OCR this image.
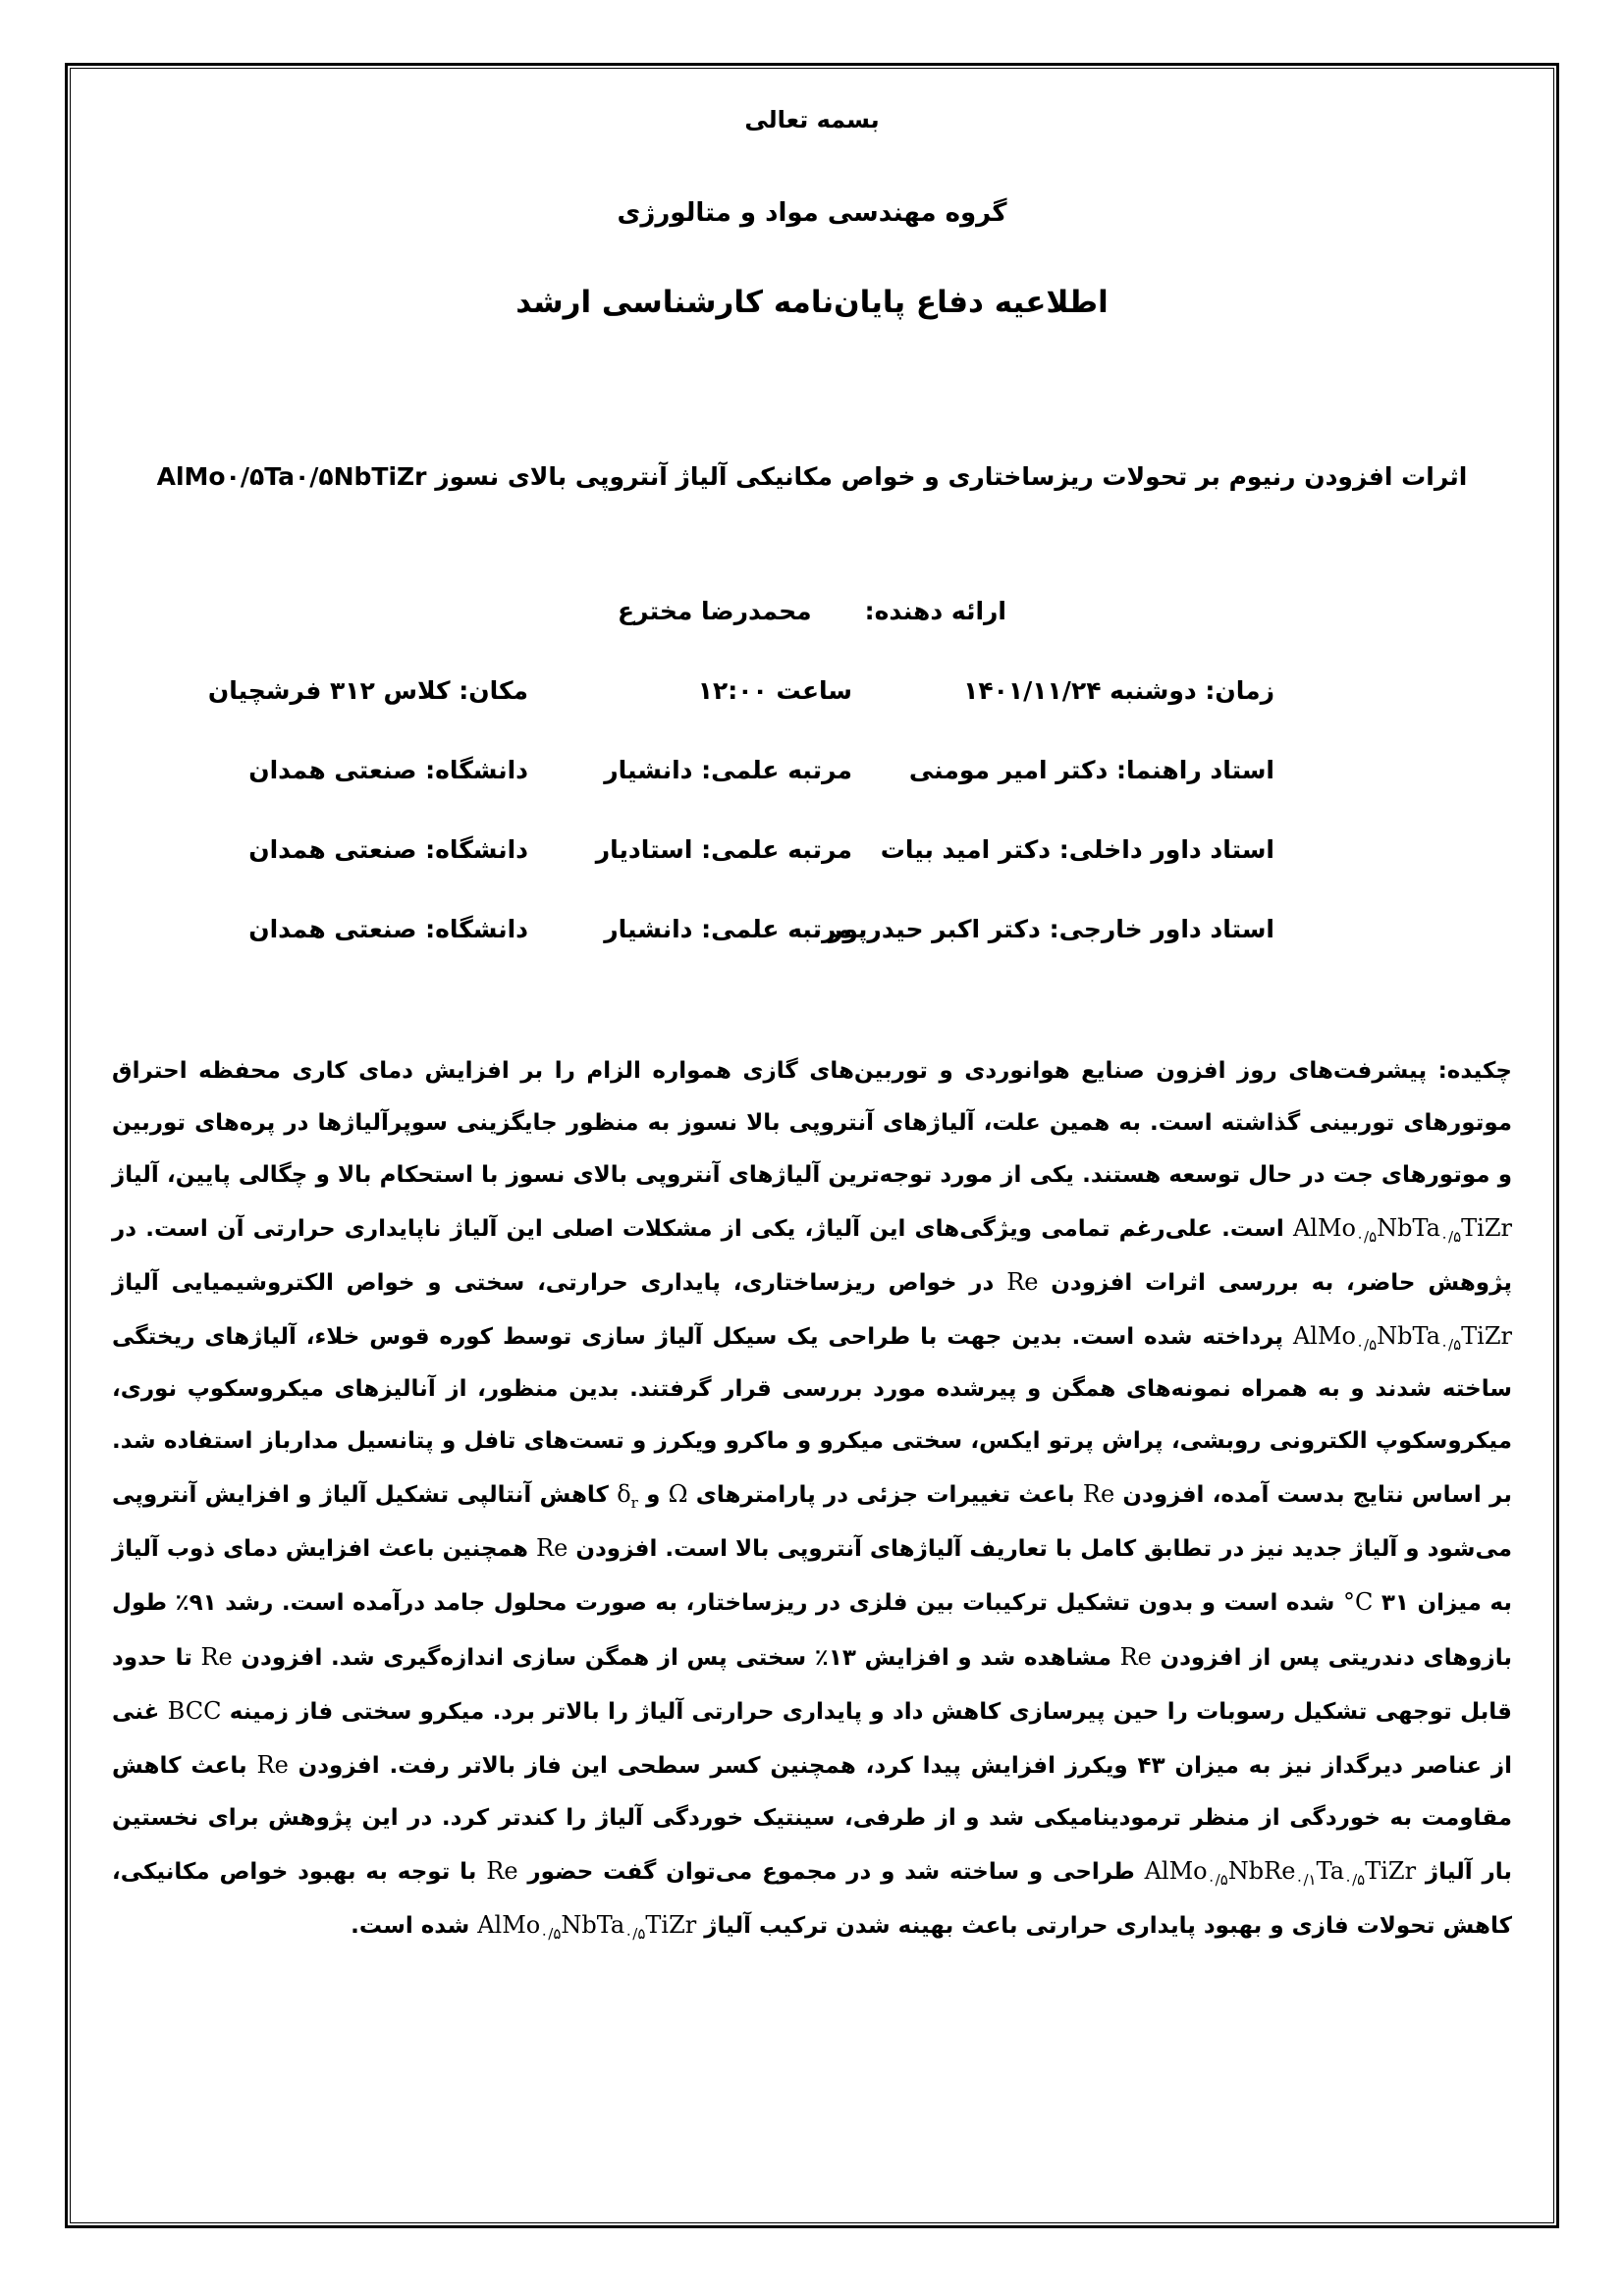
بسمه تعالی

گروه مهندسی مواد و متالورژی

اطلاعیه دفاع پایان‌نامه کارشناسی ارشد

اثرات افزودن رنیوم بر تحولات ریزساختاری و خواص مکانیکی آلیاژ آنتروپی بالای نسوز AlMo۰/۵Ta۰/۵NbTiZr

ارائه دهنده:محمدرضا مخترع

زمان: دوشنبه ۱۴۰۱/۱۱/۲۴
ساعت ۱۲:۰۰
مکان: کلاس ۳۱۲ فرشچیان
استاد راهنما: دکتر امیر مومنی
مرتبه علمی: دانشیار
دانشگاه: صنعتی همدان
استاد داور داخلی: دکتر امید بیات
مرتبه علمی: استادیار
دانشگاه: صنعتی همدان
استاد داور خارجی: دکتر اکبر حیدرپور
مرتبه علمی: دانشیار
دانشگاه: صنعتی همدان

چکیده: پیشرفت‌های روز افزون صنایع هوانوردی و توربین‌های گازی همواره الزام را بر افزایش دمای کاری محفظه احتراق موتورهای توربینی گذاشته است. به همین علت، آلیاژهای آنتروپی بالا نسوز به منظور جایگزینی سوپرآلیاژها در پره‌های توربین و موتورهای جت در حال توسعه هستند. یکی از مورد توجه‌ترین آلیاژهای آنتروپی بالای نسوز با استحکام بالا و چگالی پایین، آلیاژ AlMo$_{۰/۵}$NbTa$_{۰/۵}$TiZr است. علی‌رغم تمامی ویژگی‌های این آلیاژ، یکی از مشکلات اصلی این آلیاژ ناپایداری حرارتی آن است. در پژوهش حاضر، به بررسی اثرات افزودن Re در خواص ریزساختاری، پایداری حرارتی، سختی و خواص الکتروشیمیایی آلیاژ AlMo$_{۰/۵}$NbTa$_{۰/۵}$TiZr پرداخته شده است. بدین جهت با طراحی یک سیکل آلیاژ سازی توسط کوره قوس خلاء، آلیاژهای ریختگی ساخته شدند و به همراه نمونه‌های همگن و پیرشده مورد بررسی قرار گرفتند. بدین منظور، از آنالیزهای میکروسکوپ نوری، میکروسکوپ الکترونی روبشی، پراش پرتو ایکس، سختی میکرو و ماکرو ویکرز و تست‌های تافل و پتانسیل مدارباز استفاده شد. بر اساس نتایج بدست آمده، افزودن Re باعث تغییرات جزئی در پارامترهای Ω و $\delta_r$ کاهش آنتالپی تشکیل آلیاژ و افزایش آنتروپی می‌شود و آلیاژ جدید نیز در تطابق کامل با تعاریف آلیاژهای آنتروپی بالا است. افزودن Re همچنین باعث افزایش دمای ذوب آلیاژ به میزان ۳۱ °C شده است و بدون تشکیل ترکیبات بین فلزی در ریزساختار، به صورت محلول جامد درآمده است. رشد ۹۱٪ طول بازوهای دندریتی پس از افزودن Re مشاهده شد و افزایش ۱۳٪ سختی پس از همگن سازی اندازه‌گیری شد. افزودن Re تا حدود قابل توجهی تشکیل رسوبات را حین پیرسازی کاهش داد و پایداری حرارتی آلیاژ را بالاتر برد. میکرو سختی فاز زمینه BCC غنی از عناصر دیرگداز نیز به میزان ۴۳ ویکرز افزایش پیدا کرد، همچنین کسر سطحی این فاز بالاتر رفت. افزودن Re باعث کاهش مقاومت به خوردگی از منظر ترمودینامیکی شد و از طرفی، سینتیک خوردگی آلیاژ را کندتر کرد. در این پژوهش برای نخستین بار آلیاژ $AlMo_{۰/۵}NbRe_{۰/۱}Ta_{۰/۵}TiZr$ طراحی و ساخته شد و در مجموع می‌توان گفت حضور Re با توجه به بهبود خواص مکانیکی، کاهش تحولات فازی و بهبود پایداری حرارتی باعث بهینه شدن ترکیب آلیاژ AlMo$_{۰/۵}$NbTa$_{۰/۵}$TiZr شده است.
